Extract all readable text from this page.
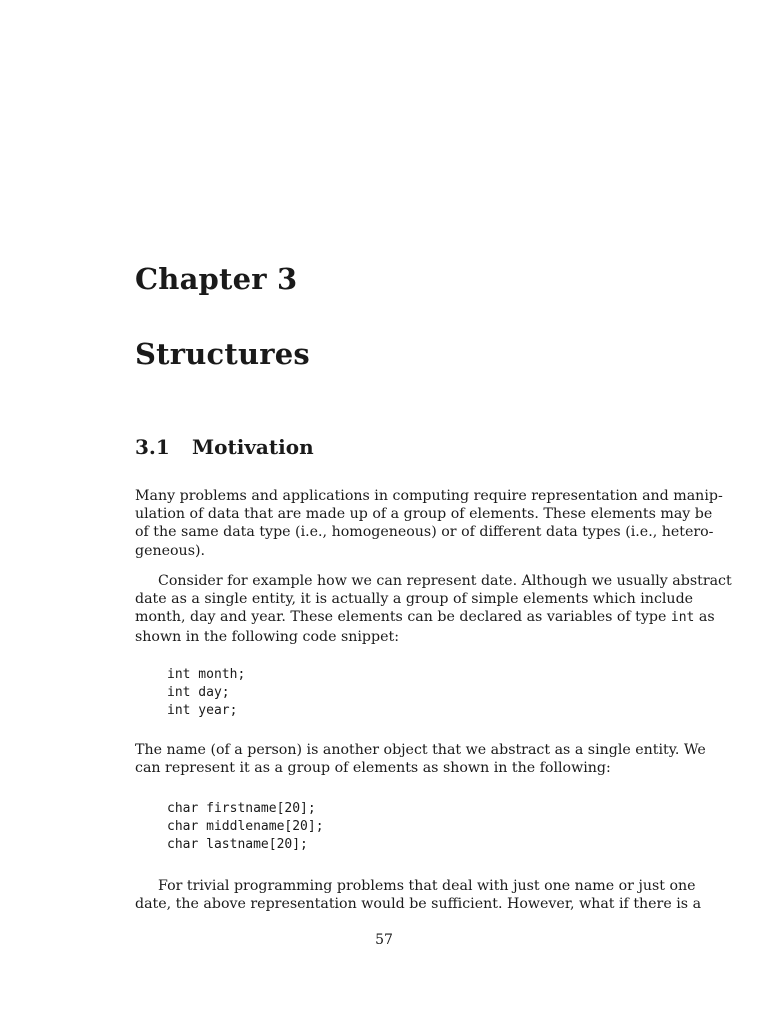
Chapter 3
Structures
3.1 Motivation
Many problems and applications in computing require representation and manip-
ulation of data that are made up of a group of elements. These elements may be
of the same data type (i.e., homogeneous) or of different data types (i.e., hetero-
geneous).
Consider for example how we can represent date. Although we usually abstract
date as a single entity, it is actually a group of simple elements which include
month, day and year. These elements can be declared as variables of type int as
shown in the following code snippet:
int month;
int day;
int year;
The name (of a person) is another object that we abstract as a single entity. We
can represent it as a group of elements as shown in the following:
char firstname[20];
char middlename[20];
char lastname[20];
For trivial programming problems that deal with just one name or just one
date, the above representation would be sufficient. However, what if there is a
57
